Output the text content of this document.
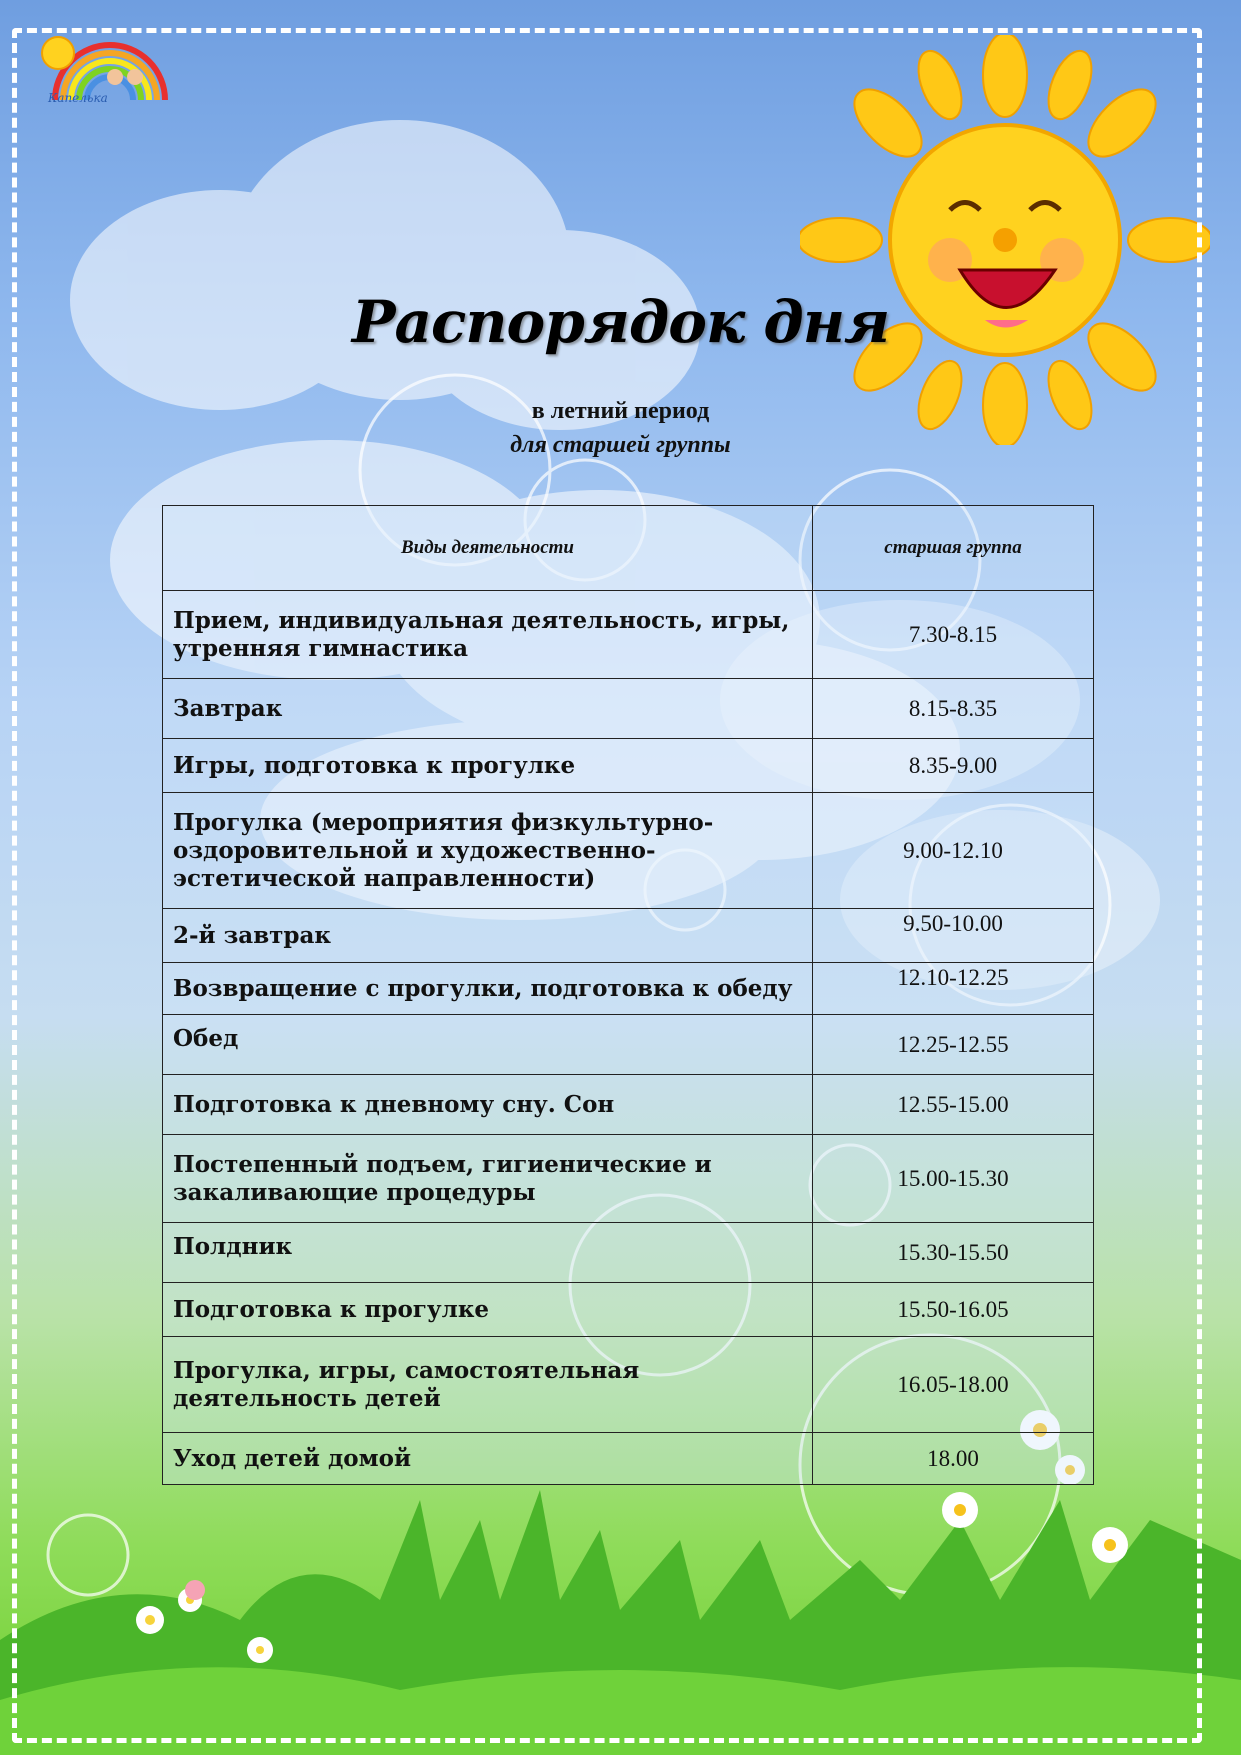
Капелька
Распорядок дня
в летний период
для старшей группы
Виды деятельности	старшая группа
Прием, индивидуальная деятельность, игры, утренняя гимнастика	7.30-8.15
Завтрак	8.15-8.35
Игры, подготовка к прогулке	8.35-9.00
Прогулка (мероприятия физкультурно-оздоровительной и художественно-эстетической направленности)	9.00-12.10
2-й завтрак	9.50-10.00
Возвращение с прогулки, подготовка к обеду	12.10-12.25
Обед	12.25-12.55
Подготовка к дневному сну. Сон	12.55-15.00
Постепенный подъем, гигиенические и закаливающие процедуры	15.00-15.30
Полдник	15.30-15.50
Подготовка к прогулке	15.50-16.05
Прогулка, игры, самостоятельная деятельность детей	16.05-18.00
Уход детей домой	18.00
